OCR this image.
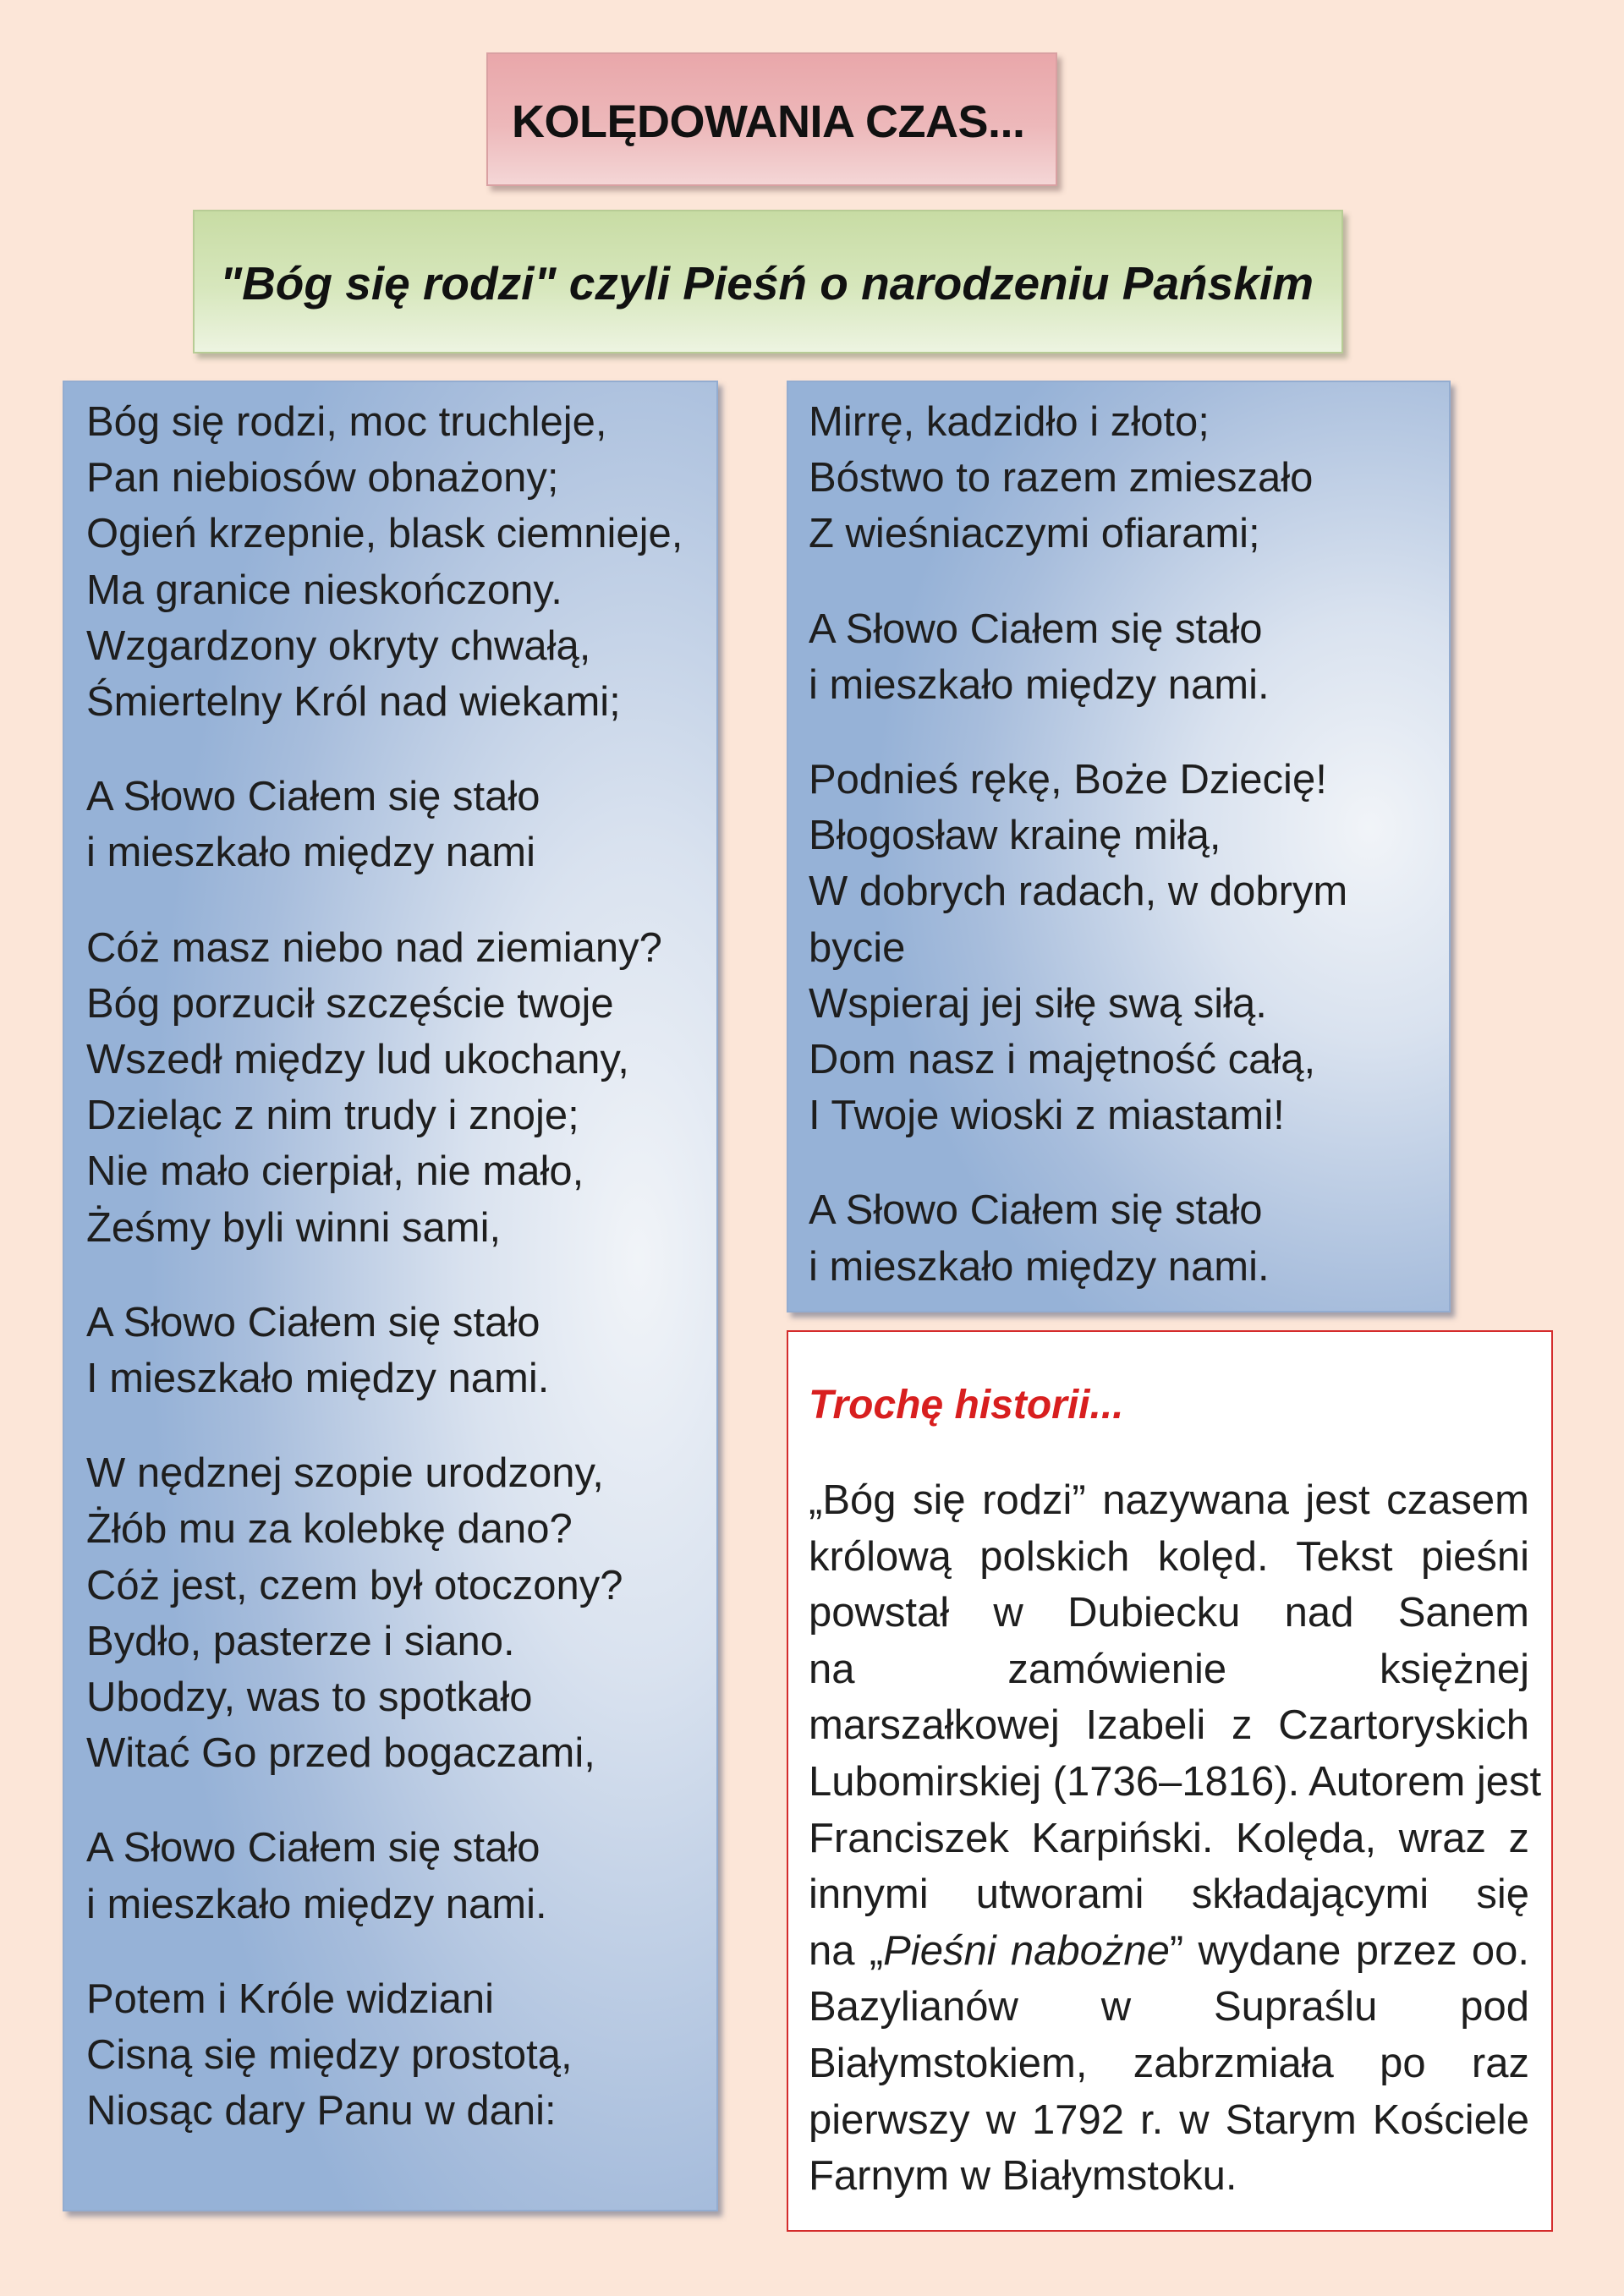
KOLĘDOWANIA CZAS...
"Bóg się rodzi" czyli Pieśń o narodzeniu Pańskim
Bóg się rodzi, moc truchleje,
Pan niebiosów obnażony;
Ogień krzepnie, blask ciemnieje,
Ma granice nieskończony.
Wzgardzony okryty chwałą,
Śmiertelny Król nad wiekami;
A Słowo Ciałem się stało
i mieszkało między nami
Cóż masz niebo nad ziemiany?
Bóg porzucił szczęście twoje
Wszedł między lud ukochany,
Dzieląc z nim trudy i znoje;
Nie mało cierpiał, nie mało,
Żeśmy byli winni sami,
A Słowo Ciałem się stało
I mieszkało między nami.
W nędznej szopie urodzony,
Żłób mu za kolebkę dano?
Cóż jest, czem był otoczony?
Bydło, pasterze i siano.
Ubodzy, was to spotkało
Witać Go przed bogaczami,
A Słowo Ciałem się stało
i mieszkało między nami.
Potem i Króle widziani
Cisną się między prostotą,
Niosąc dary Panu w dani:
Mirrę, kadzidło i złoto;
Bóstwo to razem zmieszało
Z wieśniaczymi ofiarami;
A Słowo Ciałem się stało
i mieszkało między nami.
Podnieś rękę, Boże Dziecię!
Błogosław krainę miłą,
W dobrych radach, w dobrym
bycie
Wspieraj jej siłę swą siłą.
Dom nasz i majętność całą,
I Twoje wioski z miastami!
A Słowo Ciałem się stało
i mieszkało między nami.
Trochę historii...
„Bóg się rodzi” nazywana jest czasem
królową polskich kolęd. Tekst pieśni
powstał w Dubiecku nad Sanem
na zamówienie księżnej
marszałkowej Izabeli z Czartoryskich
Lubomirskiej (1736–1816). Autorem jest
Franciszek Karpiński. Kolęda, wraz z
innymi utworami składającymi się
na „Pieśni nabożne” wydane przez oo.
Bazylianów w Supraślu pod
Białymstokiem, zabrzmiała po raz
pierwszy w 1792 r. w Starym Kościele
Farnym w Białymstoku.
